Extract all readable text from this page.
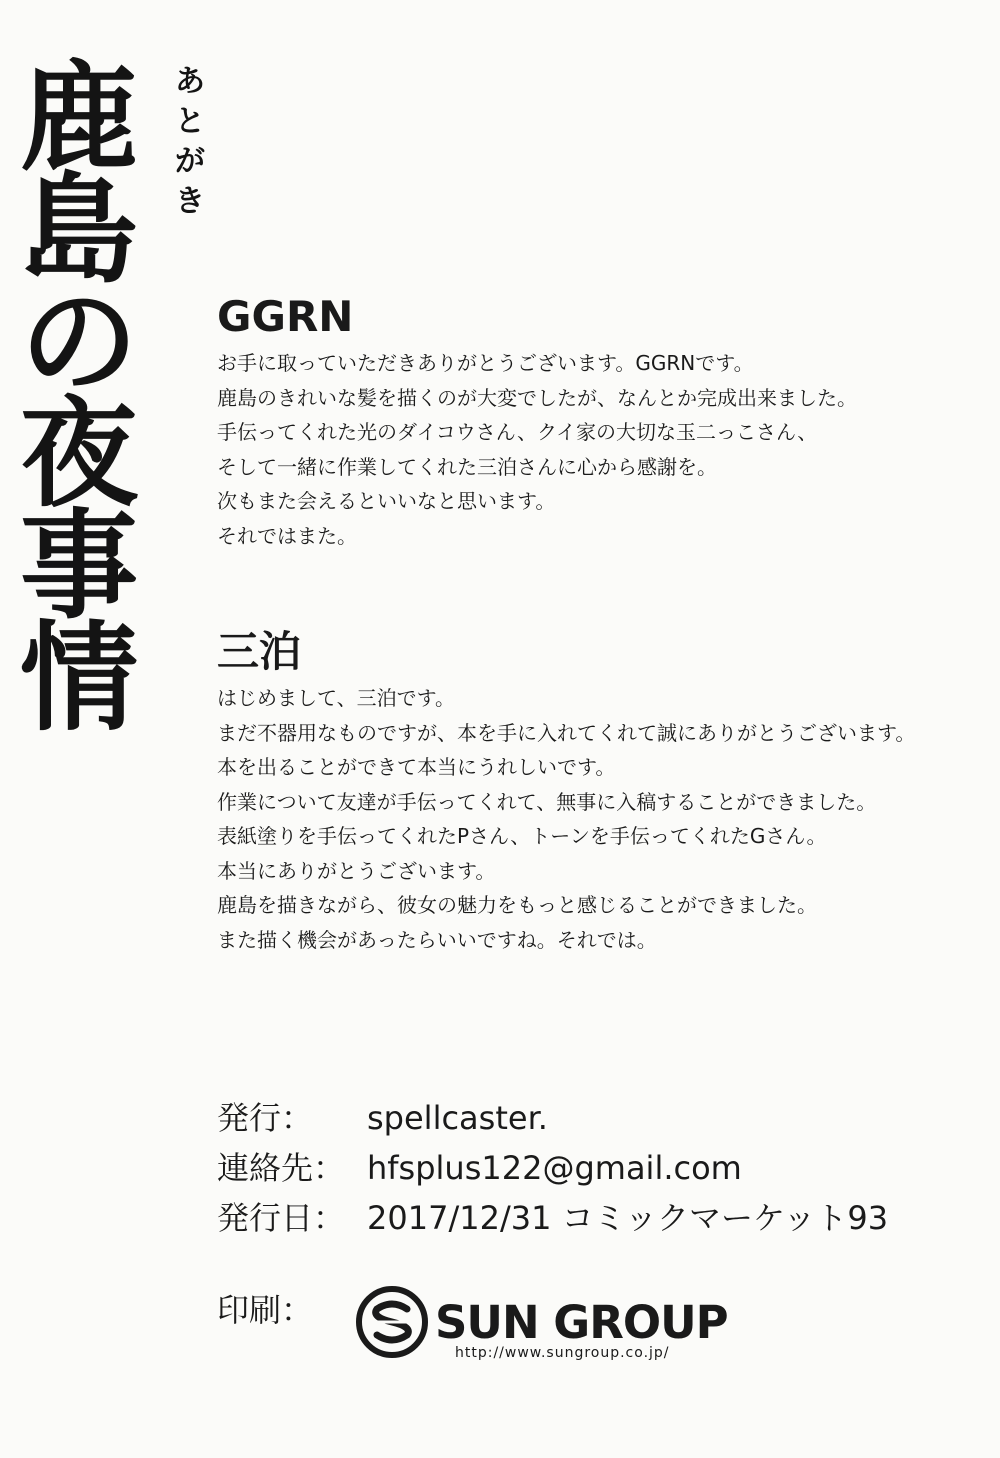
鹿
島
の
夜
事
情
あ
と
が
き
GGRN
お手に取っていただきありがとうございます。GGRNです。
鹿島のきれいな髪を描くのが大変でしたが、なんとか完成出来ました。
手伝ってくれた光のダイコウさん、クイ家の大切な玉二っこさん、
そして一緒に作業してくれた三泊さんに心から感謝を。
次もまた会えるといいなと思います。
それではまた。
三泊
はじめまして、三泊です。
まだ不器用なものですが、本を手に入れてくれて誠にありがとうございます。
本を出ることができて本当にうれしいです。
作業について友達が手伝ってくれて、無事に入稿することができました。
表紙塗りを手伝ってくれたPさん、トーンを手伝ってくれたGさん。
本当にありがとうございます。
鹿島を描きながら、彼女の魅力をもっと感じることができました。
また描く機会があったらいいですね。それでは。
発行：	spellcaster.
連絡先： hfsplus122@gmail.com
発行日： 2017/12/31 コミックマーケット93
印刷：	SUN GROUP
http://www.sungroup.co.jp/
